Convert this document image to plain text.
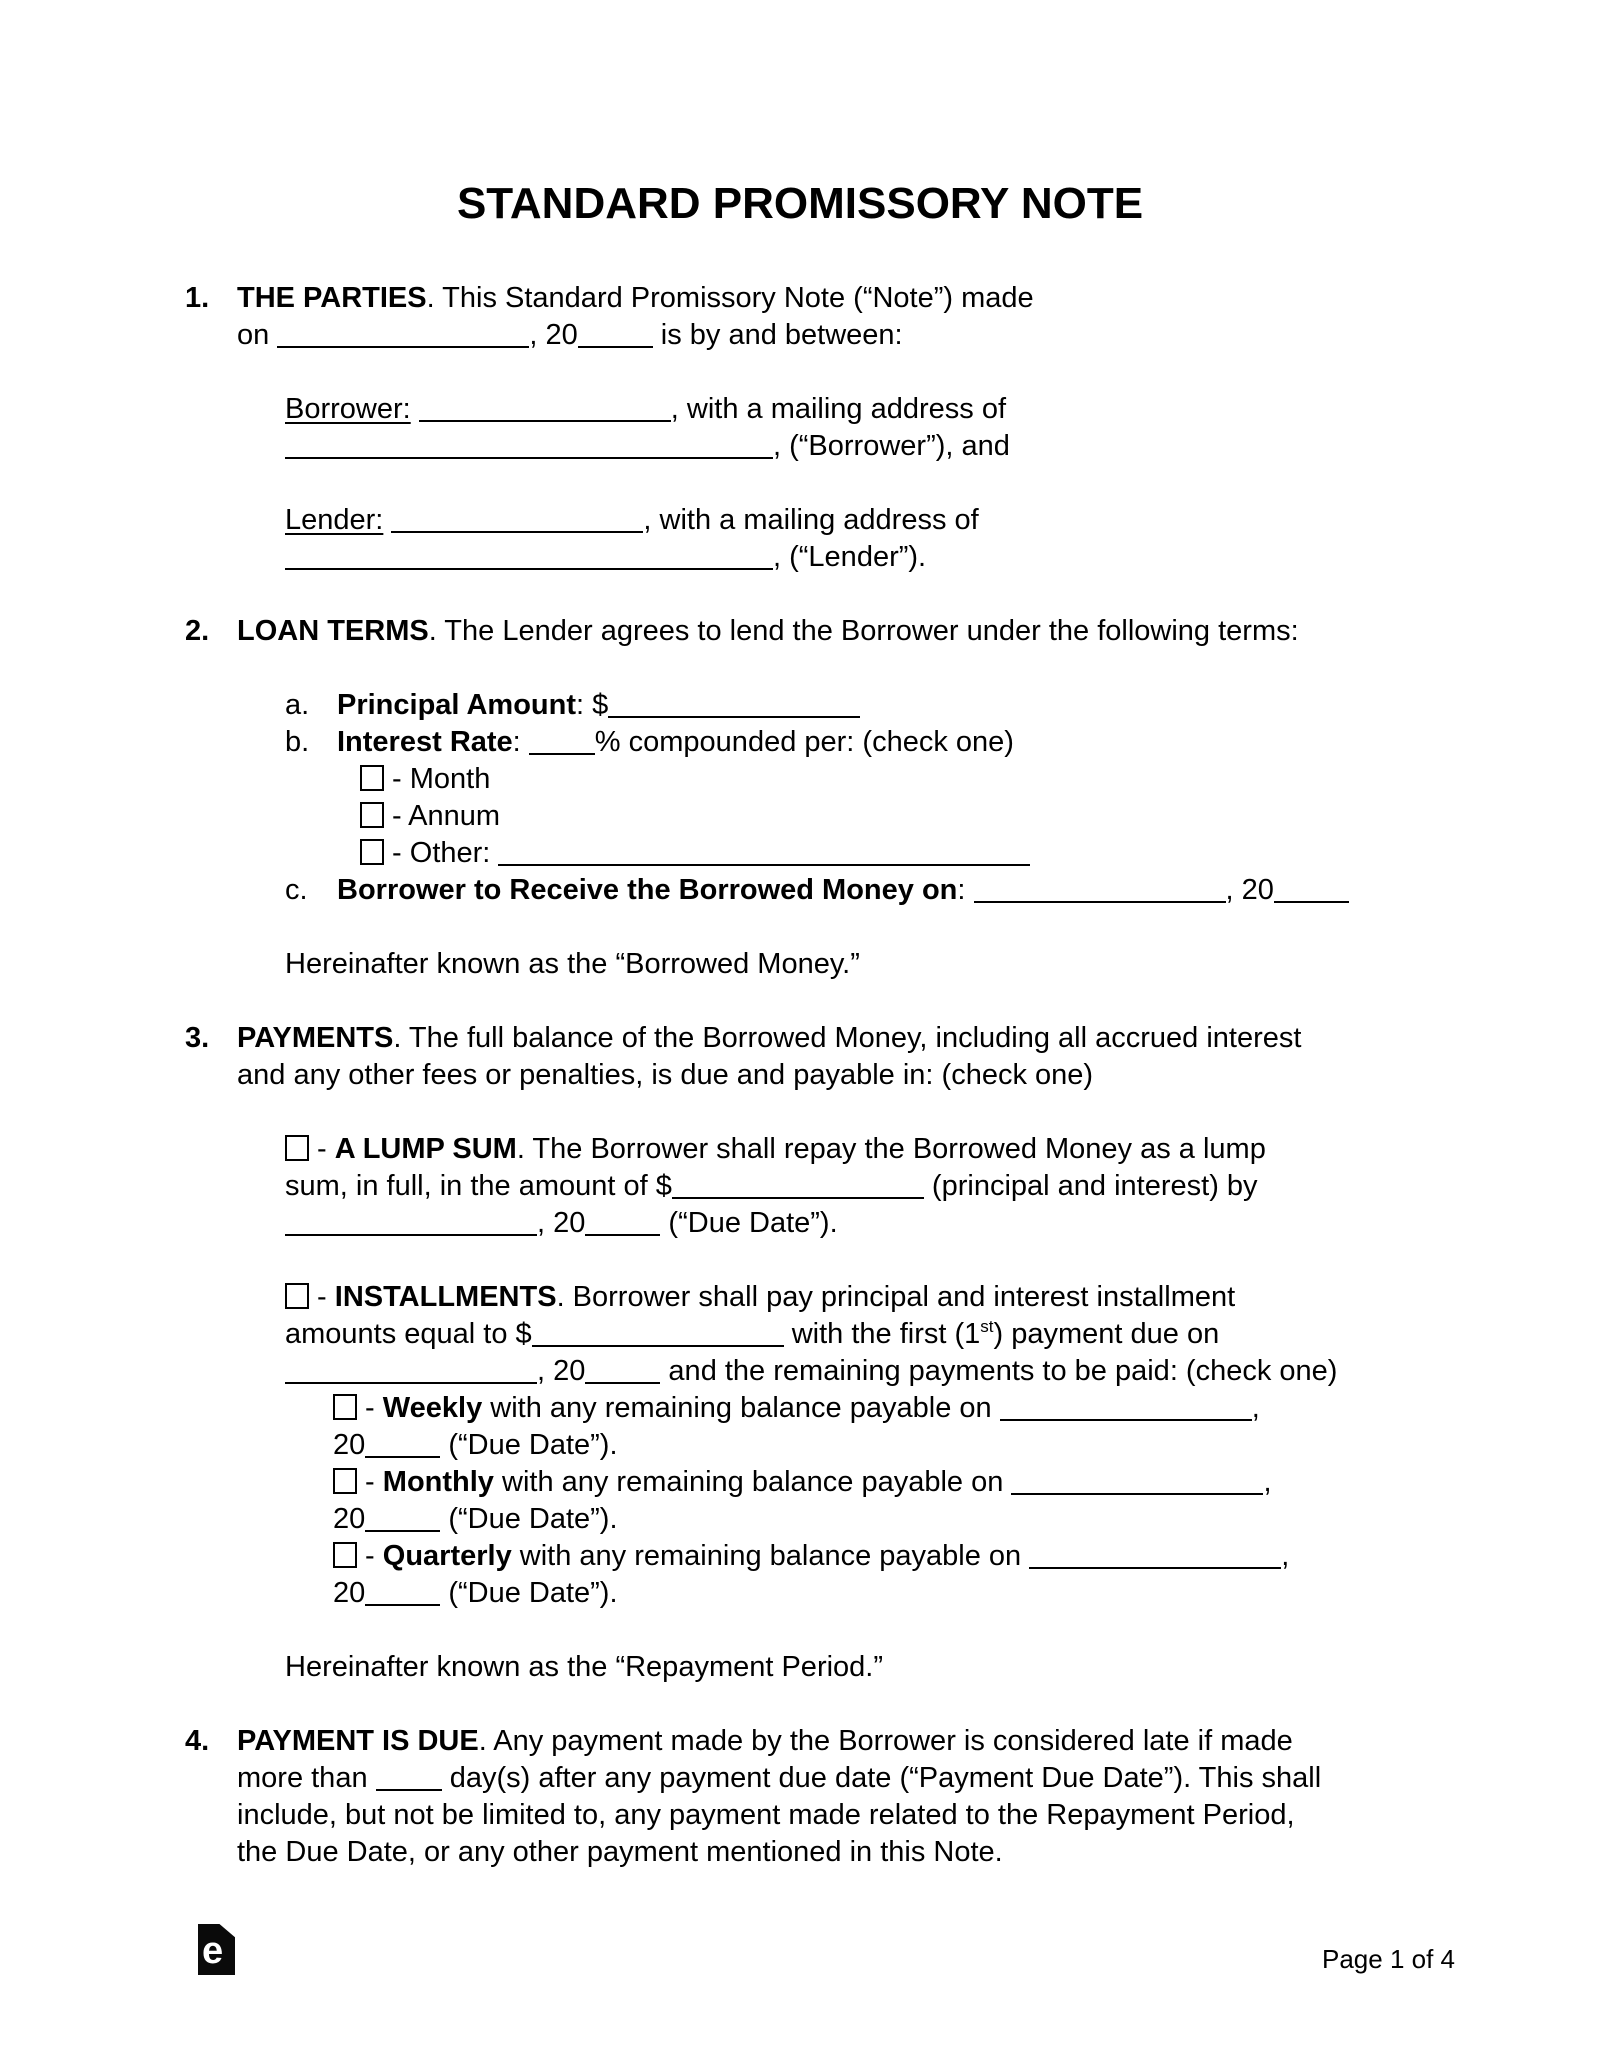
STANDARD PROMISSORY NOTE
1. THE PARTIES. This Standard Promissory Note (“Note”) made
on	, 20	is by and between:
Borrower:	, with a mailing address of
, (“Borrower”), and
Lender:	, with a mailing address of
, (“Lender”).
2. LOAN TERMS. The Lender agrees to lend the Borrower under the following terms:
a. Principal Amount: $
b. Interest Rate: % compounded per: (check one)
- Month
- Annum
- Other:
c.	Borrower to Receive the Borrowed Money on:	, 20
Hereinafter known as the “Borrowed Money.”
3. PAYMENTS. The full balance of the Borrowed Money, including all accrued interest
and any other fees or penalties, is due and payable in: (check one)
- A LUMP SUM. The Borrower shall repay the Borrowed Money as a lump
sum, in full, in the amount of $	(principal and interest) by
, 20	(“Due Date”).
- INSTALLMENTS. Borrower shall pay principal and interest installment
amounts equal to $	with the first (1st) payment due on
, 20	and the remaining payments to be paid: (check one)
- Weekly with any remaining balance payable on	,
20	(“Due Date”).
- Monthly with any remaining balance payable on	,
20	(“Due Date”).
- Quarterly with any remaining balance payable on	,
20	(“Due Date”).
Hereinafter known as the “Repayment Period.”
4. PAYMENT IS DUE. Any payment made by the Borrower is considered late if made
more than  day(s) after any payment due date (“Payment Due Date”). This shall
include, but not be limited to, any payment made related to the Repayment Period,
the Due Date, or any other payment mentioned in this Note.
e	Page 1 of 4
